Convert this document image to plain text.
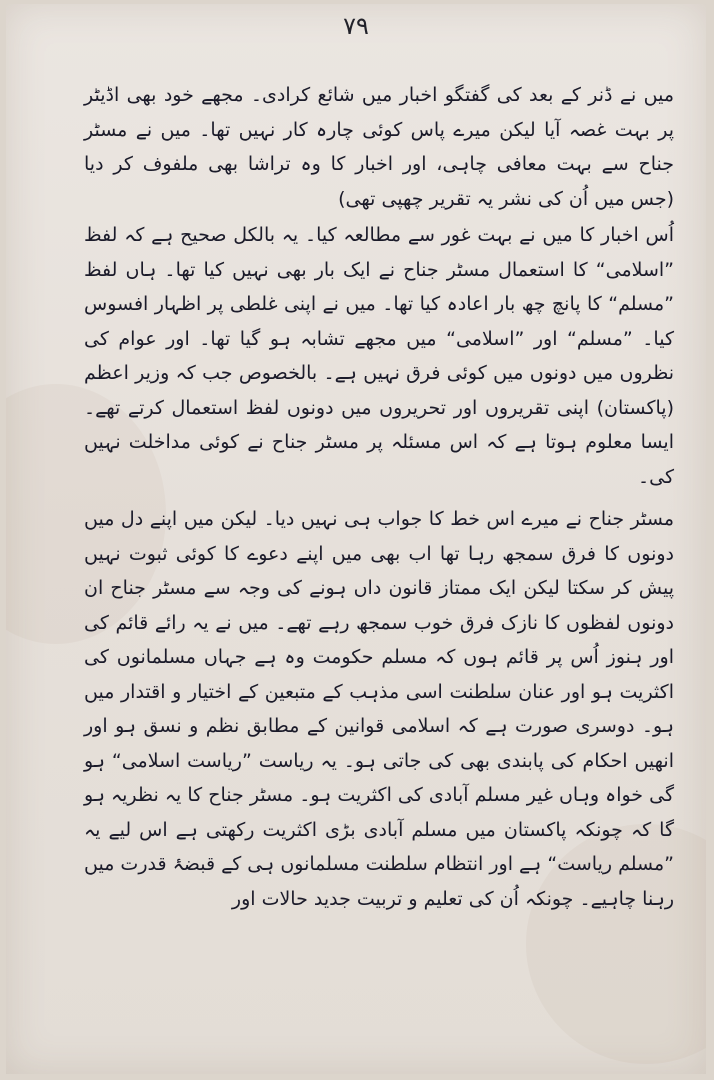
۷۹

میں نے ڈنر کے بعد کی گفتگو اخبار میں شائع کرادی۔ مجھے خود بھی اڈیٹر پر بہت غصہ آیا لیکن میرے پاس کوئی چارہ کار نہیں تھا۔ میں نے مسٹر جناح سے بہت معافی چاہی، اور اخبار کا وہ تراشا بھی ملفوف کر دیا (جس میں اُن کی نشر یہ تقریر چھپی تھی)

اُس اخبار کا میں نے بہت غور سے مطالعہ کیا۔ یہ بالکل صحیح ہے کہ لفظ ”اسلامی“ کا استعمال مسٹر جناح نے ایک بار بھی نہیں کیا تھا۔ ہاں لفظ ”مسلم“ کا پانچ چھ بار اعادہ کیا تھا۔ میں نے اپنی غلطی پر اظہار افسوس کیا۔ ”مسلم“ اور ”اسلامی“ میں مجھے تشابہ ہو گیا تھا۔ اور عوام کی نظروں میں دونوں میں کوئی فرق نہیں ہے۔ بالخصوص جب کہ وزیر اعظم (پاکستان) اپنی تقریروں اور تحریروں میں دونوں لفظ استعمال کرتے تھے۔ ایسا معلوم ہوتا ہے کہ اس مسئلہ پر مسٹر جناح نے کوئی مداخلت نہیں کی۔

مسٹر جناح نے میرے اس خط کا جواب ہی نہیں دیا۔ لیکن میں اپنے دل میں دونوں کا فرق سمجھ رہا تھا اب بھی میں اپنے دعوے کا کوئی ثبوت نہیں پیش کر سکتا لیکن ایک ممتاز قانون داں ہونے کی وجہ سے مسٹر جناح ان دونوں لفظوں کا نازک فرق خوب سمجھ رہے تھے۔ میں نے یہ رائے قائم کی اور ہنوز اُس پر قائم ہوں کہ مسلم حکومت وہ ہے جہاں مسلمانوں کی اکثریت ہو اور عنان سلطنت اسی مذہب کے متبعین کے اختیار و اقتدار میں ہو۔ دوسری صورت ہے کہ اسلامی قوانین کے مطابق نظم و نسق ہو اور انھیں احکام کی پابندی بھی کی جاتی ہو۔ یہ ریاست ”ریاست اسلامی“ ہو گی خواہ وہاں غیر مسلم آبادی کی اکثریت ہو۔ مسٹر جناح کا یہ نظریہ ہو گا کہ چونکہ پاکستان میں مسلم آبادی بڑی اکثریت رکھتی ہے اس لیے یہ ”مسلم ریاست“ ہے اور انتظام سلطنت مسلمانوں ہی کے قبضۂ قدرت میں رہنا چاہیے۔ چونکہ اُن کی تعلیم و تربیت جدید حالات اور
